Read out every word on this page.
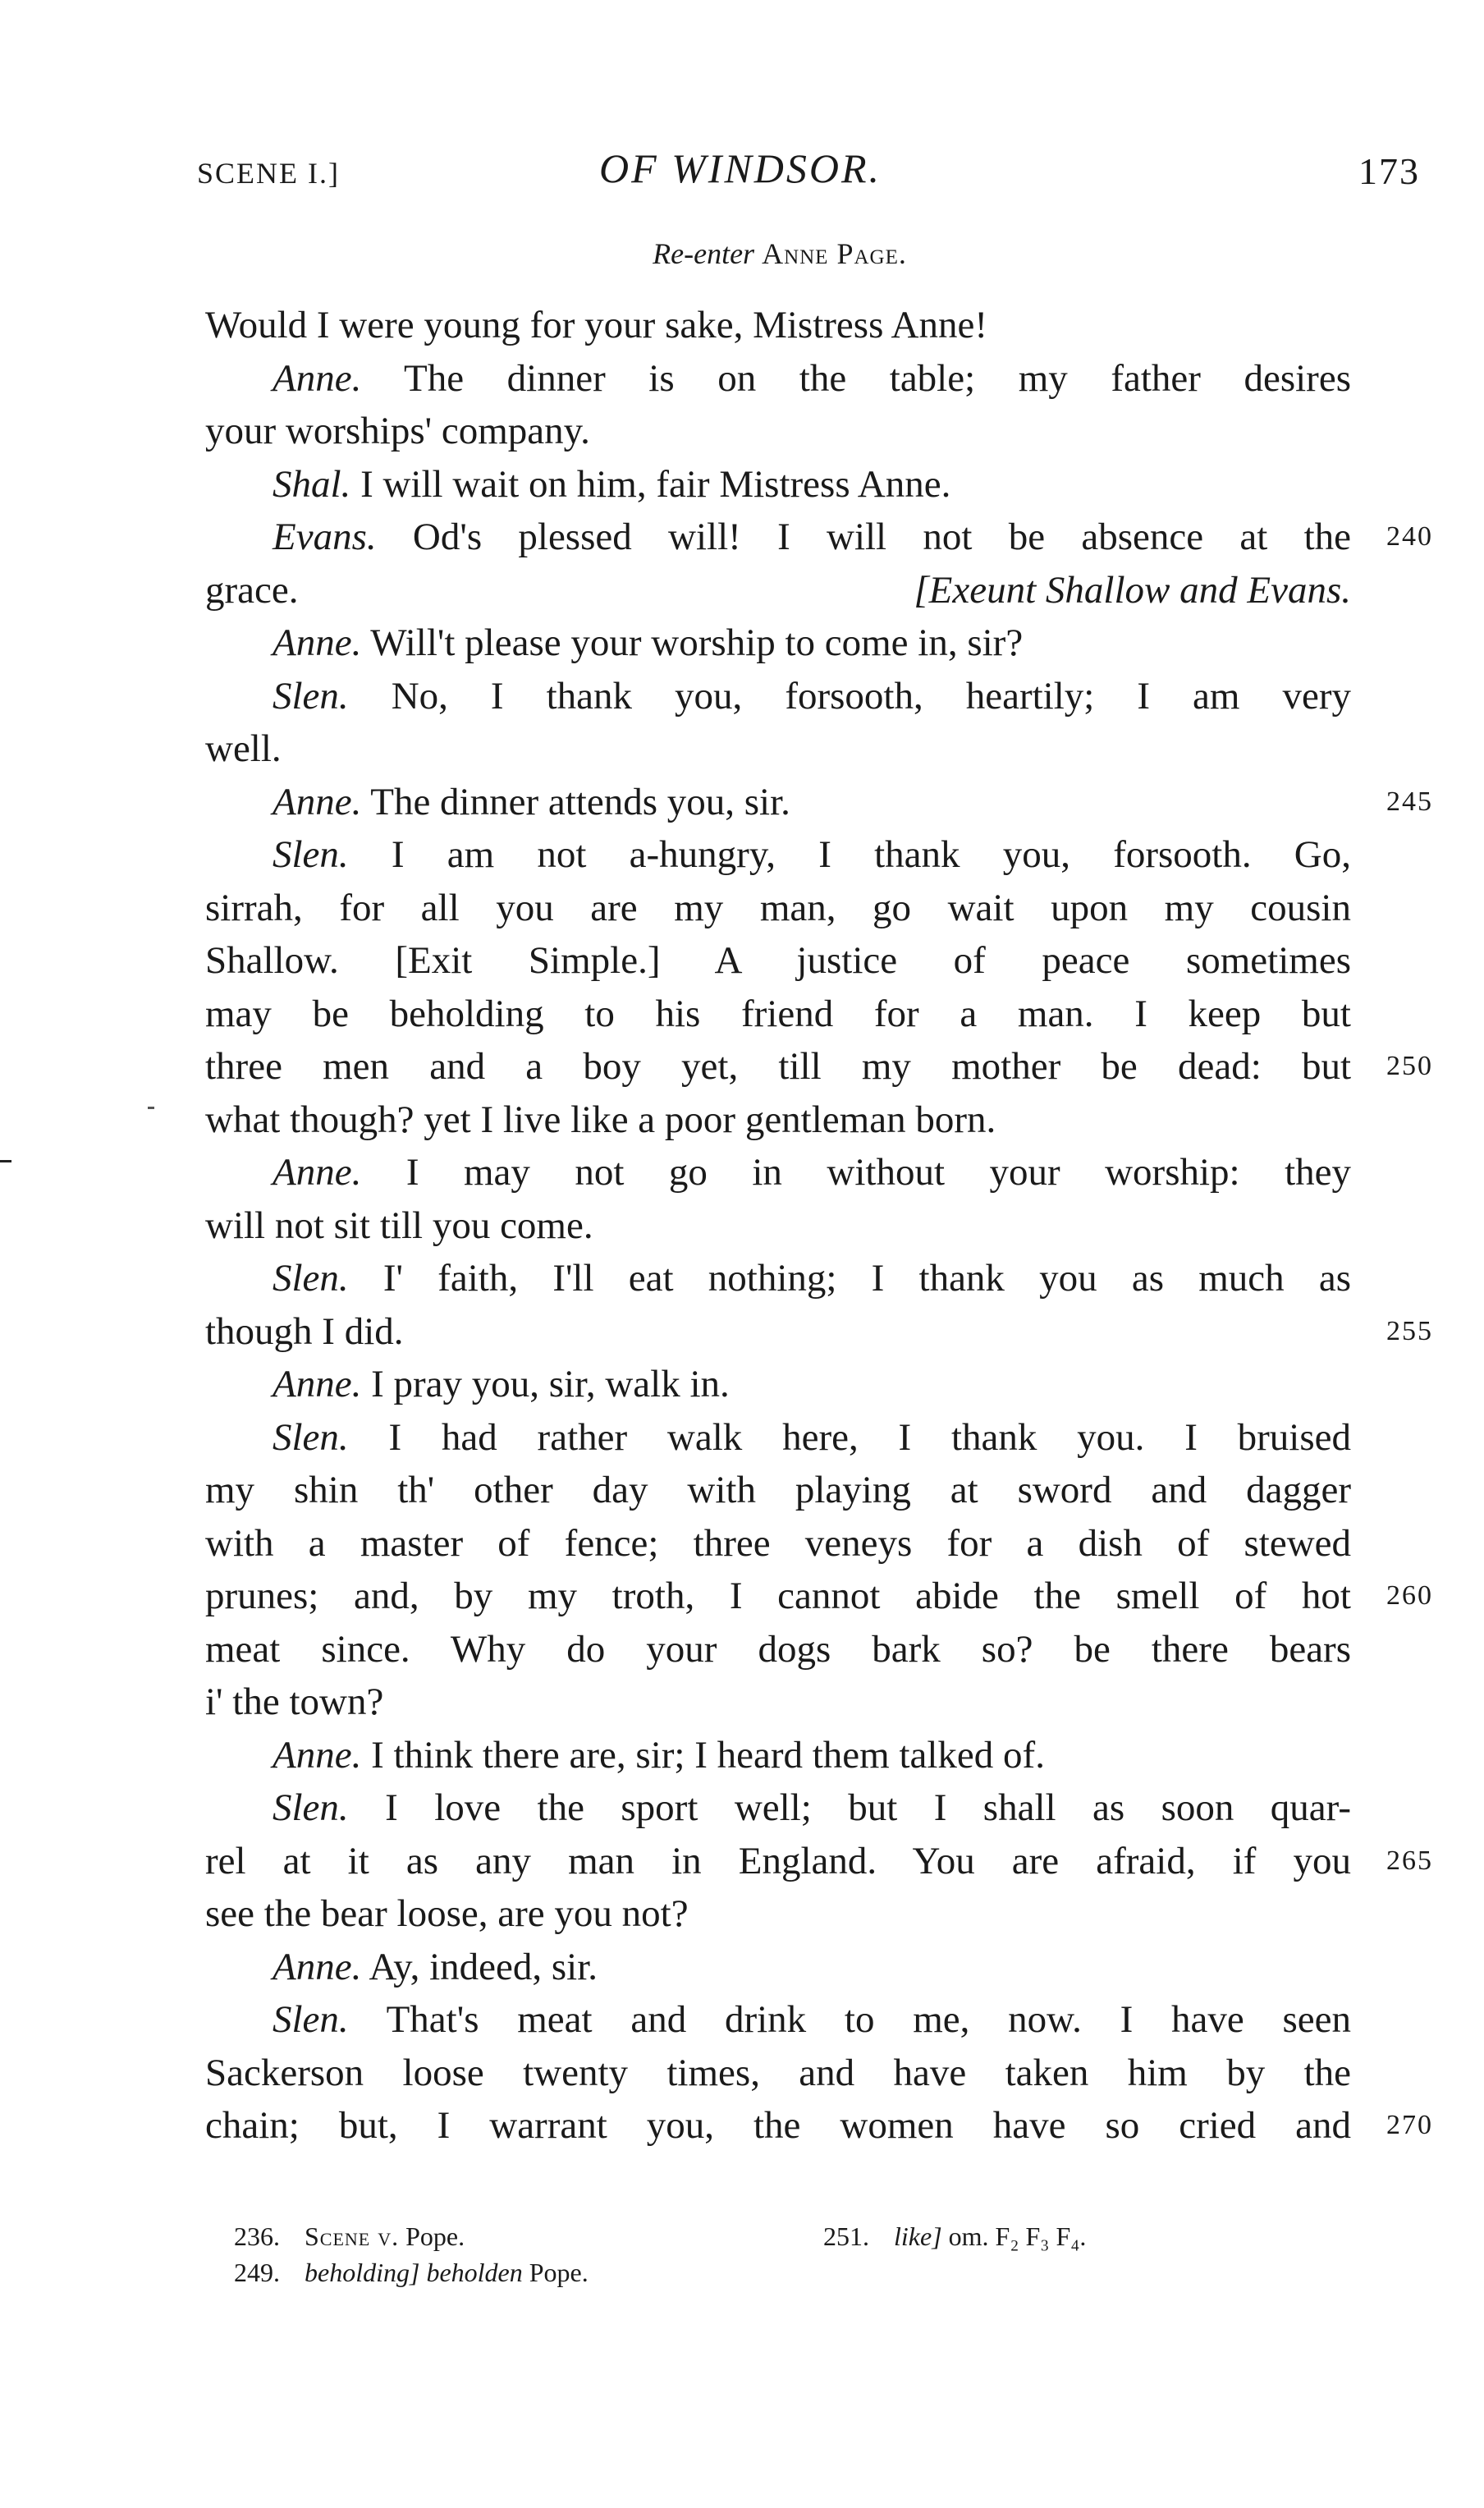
SCENE I.]	OF WINDSOR.	173
Re-enter Anne Page.
Would I were young for your sake, Mistress Anne!
Anne. The dinner is on the table; my father desires
your worships' company.
Shal. I will wait on him, fair Mistress Anne.
Evans. Od's plessed will! I will not be absence at the 240
grace.	[Exeunt Shallow and Evans.
Anne. Will't please your worship to come in, sir?
Slen. No, I thank you, forsooth, heartily; I am very
well.
Anne. The dinner attends you, sir.	245
Slen. I am not a-hungry, I thank you, forsooth. Go,
sirrah, for all you are my man, go wait upon my cousin
Shallow. [Exit Simple.] A justice of peace sometimes
may be beholding to his friend for a man. I keep but
three men and a boy yet, till my mother be dead: but 250
what though? yet I live like a poor gentleman born.
Anne. I may not go in without your worship: they
will not sit till you come.
Slen. I' faith, I'll eat nothing; I thank you as much as
though I did.	255
Anne. I pray you, sir, walk in.
Slen. I had rather walk here, I thank you. I bruised
my shin th' other day with playing at sword and dagger
with a master of fence; three veneys for a dish of stewed
prunes; and, by my troth, I cannot abide the smell of hot 260
meat since. Why do your dogs bark so? be there bears
i' the town?
Anne. I think there are, sir; I heard them talked of.
Slen. I love the sport well; but I shall as soon quar-
rel at it as any man in England. You are afraid, if you 265
see the bear loose, are you not?
Anne. Ay, indeed, sir.
Slen. That's meat and drink to me, now. I have seen
Sackerson loose twenty times, and have taken him by the
chain; but, I warrant you, the women have so cried and 270
236. Scene v. Pope.
249. beholding] beholden Pope.
251. like] om. F₂ F₃ F₄.
